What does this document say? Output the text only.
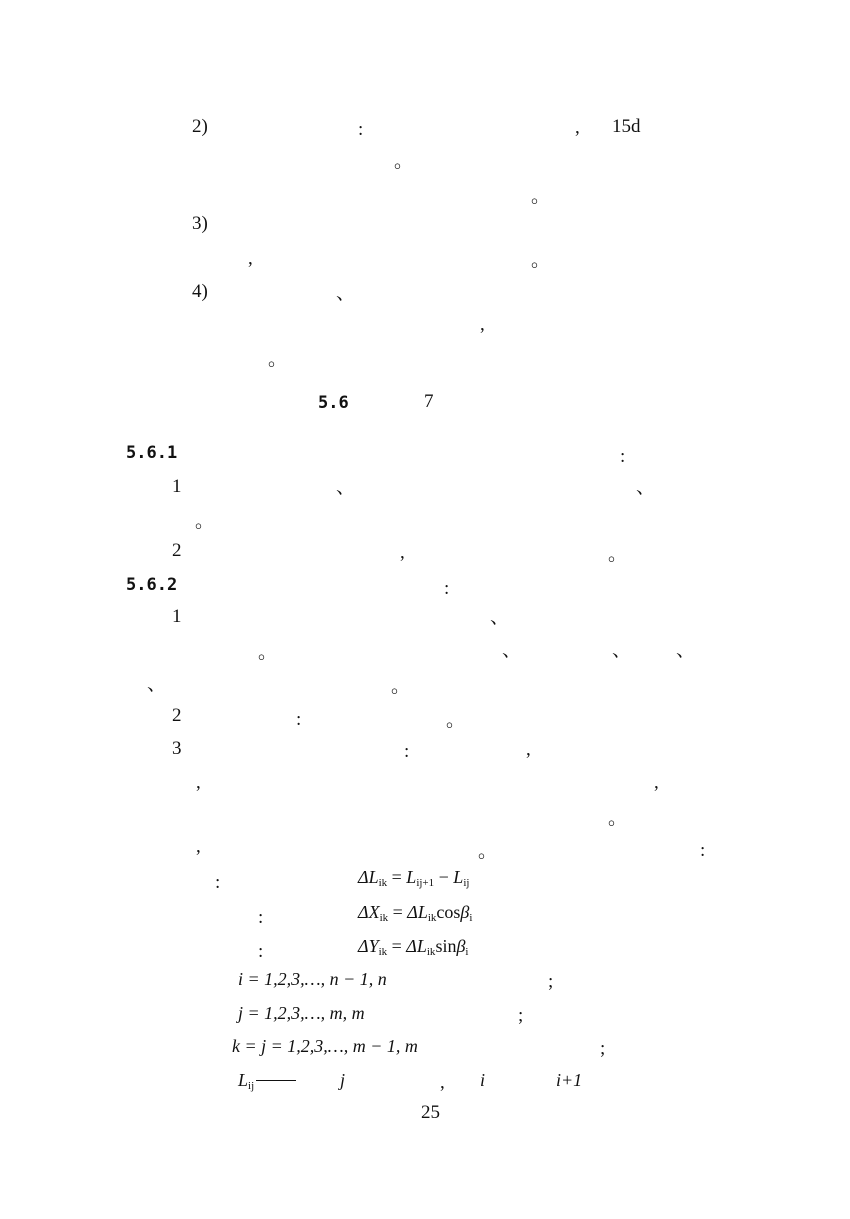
2)	:	, 15d
。
。
3)
,	。
4)	、
,
。
5.6	7
5.6.1	:
1	、	、
。
2	,	。
5.6.2	:
1	、
。	、	、 、
、	。
2	:	。
3	:	,
,	,
。
,	。	:
:	$\Delta L_{ik} = L_{ij+1} - L_{ij}$
:	$\Delta X_{ik} = \Delta L_{ik}\cos\beta_i$
:	$\Delta Y_{ik} = \Delta L_{ik}\sin\beta_i$
i = 1,2,3,…, n − 1, n	;
j = 1,2,3,…, m, m	;
k = j = 1,2,3,…, m − 1, m	;
$L_{ij}$	j	, i	i+1
25
